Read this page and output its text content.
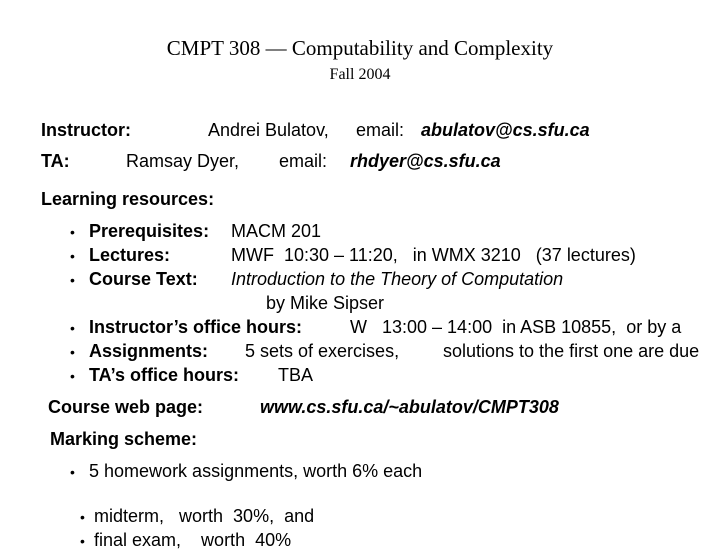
CMPT 308 — Computability and Complexity
Fall 2004
Instructor:	Andrei Bulatov, email: abulatov@cs.sfu.ca
TA:	Ramsay Dyer, email: rhdyer@cs.sfu.ca
Learning resources:
• Prerequisites: MACM 201
• Lectures:	MWF  10:30 – 11:20,   in WMX 3210   (37 lectures)
• Course Text: Introduction to the Theory of Computation
by Mike Sipser
• Instructor’s office hours:	W   13:00 – 14:00  in ASB 10855,  or by a
• Assignments: 5 sets of exercises, solutions to the first one are due
• TA’s office hours: TBA
Course web page:	www.cs.sfu.ca/~abulatov/CMPT308
Marking scheme:
• 5 homework assignments, worth 6% each

• midterm,   worth  30%,  and

• final exam,    worth  40%
